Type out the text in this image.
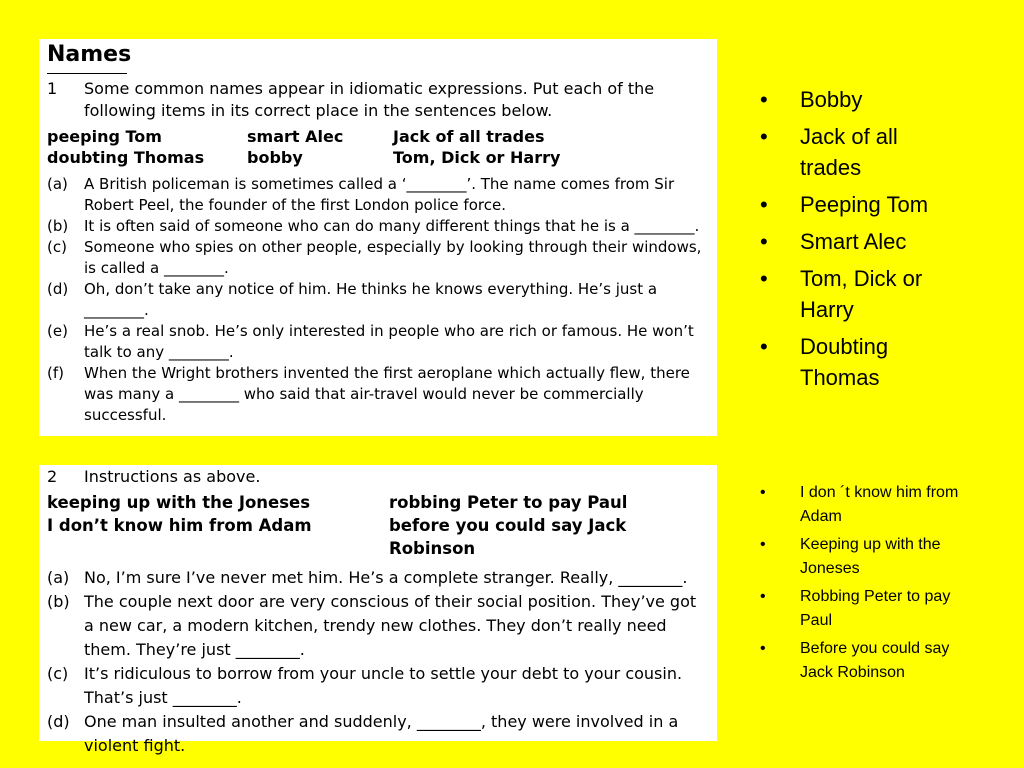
Names
1	Some common names appear in idiomatic expressions. Put each of the following items in its correct place in the sentences below.
peeping Tom	smart Alec	Jack of all trades
doubting Thomas	bobby	Tom, Dick or Harry
(a)	A British policeman is sometimes called a ‘________’. The name comes from Sir Robert Peel, the founder of the first London police force.
(b)	It is often said of someone who can do many different things that he is a ________.
(c)	Someone who spies on other people, especially by looking through their windows, is called a ________.
(d)	Oh, don’t take any notice of him. He thinks he knows everything. He’s just a ________.
(e)	He’s a real snob. He’s only interested in people who are rich or famous. He won’t talk to any ________.
(f)	When the Wright brothers invented the first aeroplane which actually flew, there was many a ________ who said that air-travel would never be commercially successful.
• Bobby
• Jack of all trades
• Peeping Tom
• Smart Alec
• Tom, Dick or Harry
• Doubting Thomas
2	Instructions as above.
keeping up with the Joneses	robbing Peter to pay Paul
I don’t know him from Adam	before you could say Jack Robinson
(a) No, I’m sure I’ve never met him. He’s a complete stranger. Really, ________.
(b) The couple next door are very conscious of their social position. They’ve got a new car, a modern kitchen, trendy new clothes. They don’t really need them. They’re just ________.
(c) It’s ridiculous to borrow from your uncle to settle your debt to your cousin. That’s just ________.
(d) One man insulted another and suddenly, ________, they were involved in a violent fight.
• I don ´t know him from Adam
• Keeping up with the Joneses
• Robbing Peter to pay Paul
• Before you could say Jack Robinson
